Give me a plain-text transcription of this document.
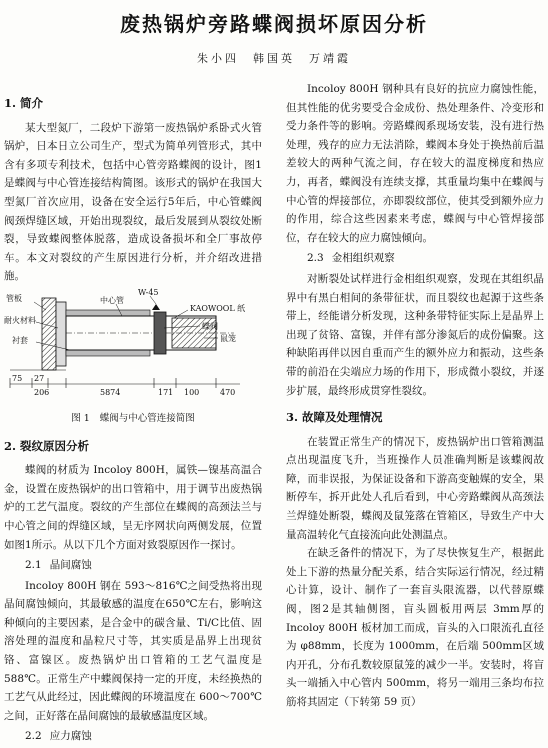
废热锅炉旁路蝶阀损坏原因分析
朱小四　韩国英　万靖霞
1. 简介

某大型氮厂，二段炉下游第一废热锅炉系卧式火管锅炉，日本日立公司生产，型式为简单列管形式，其中含有多项专利技术，包括中心管旁路蝶阀的设计，图1是蝶阀与中心管连接结构简图。该形式的锅炉在我国大型氮厂首次应用，设备在安全运行5年后，中心管蝶阀阀颈焊缝区域，开始出现裂纹，最后发展到从裂纹处断裂，导致蝶阀整体脱落，造成设备损坏和全厂事故停车。本文对裂纹的产生原因进行分析，并介绍改进措施。

管板
耐火材料
衬套
中心管
W-45
KAOWOOL 纸
蝶阀
鼠笼
75 27
206	5874	171 100	470
图 1 蝶阀与中心管连接简图
2. 裂纹原因分析

蝶阀的材质为 Incoloy 800H，属铁—镍基高温合金，设置在废热锅炉的出口管箱中，用于调节出废热锅炉的工艺气温度。裂纹的产生部位在蝶阀的高颈法兰与中心管之间的焊缝区域，呈无序网状向两侧发展，位置如图1所示。从以下几个方面对致裂原因作一探讨。

2.1 晶间腐蚀

Incoloy 800H 钢在 593～816℃之间受热将出现晶间腐蚀倾向，其最敏感的温度在650℃左右，影响这种倾向的主要因素，是合金中的碳含量、Ti/C比值、固溶处理的温度和晶粒尺寸等，其实质是晶界上出现贫铬、富镍区。废热锅炉出口管箱的工艺气温度是 588℃。正常生产中蝶阀保持一定的开度，未经换热的工艺气从此经过，因此蝶阀的环境温度在 600～700℃之间，正好落在晶间腐蚀的最敏感温度区域。

2.2 应力腐蚀

Incoloy 800H 钢种具有良好的抗应力腐蚀性能，但其性能的优劣要受合金成份、热处理条件、冷变形和受力条件等的影响。旁路蝶阀系现场安装，没有进行热处理，残存的应力无法消除，蝶阀本身处于换热前后温差较大的两种气流之间，存在较大的温度梯度和热应力，再者，蝶阀没有连续支撑，其重量均集中在蝶阀与中心管的焊接部位，亦即裂纹部位，使其受到额外应力的作用，综合这些因素来考虑，蝶阀与中心管焊接部位，存在较大的应力腐蚀倾向。

2.3 金相组织观察

对断裂处试样进行金相组织观察，发现在其组织晶界中有黑白相间的条带征状，而且裂纹也起源于这些条带上，经能谱分析发现，这种条带特征实际上是晶界上出现了贫铬、富镍，并伴有部分渗氮后的成份偏聚。这种缺陷再伴以因自重而产生的额外应力和振动，这些条带的前沿在尖端应力场的作用下，形成微小裂纹，并逐步扩展，最终形成贯穿性裂纹。

3. 故障及处理情况

在装置正常生产的情况下，废热锅炉出口管箱测温点出现温度飞升，当班操作人员准确判断是该蝶阀故障，而非误报，为保证设备和下游高变触媒的安全，果断停车，拆开此处人孔后看到，中心旁路蝶阀从高颈法兰焊缝处断裂，蝶阀及鼠笼落在管箱区，导致生产中大量高温转化气直接流向此处测温点。

在缺乏备件的情况下，为了尽快恢复生产，根据此处上下游的热量分配关系，结合实际运行情况，经过精心计算，设计、制作了一套盲头限流器，以代替原蝶阀，图2是其轴侧图，盲头圆板用两层 3mm厚的 Incoloy 800H 板材加工而成，盲头的入口限流孔直径为 φ88mm，长度为 1000mm，在后端 500mm区域内开孔，分布孔数较原鼠笼的减少一半。安装时，将盲头一端插入中心管内 500mm，将另一端用三条均布拉筋将其固定（下转第 59 页）
